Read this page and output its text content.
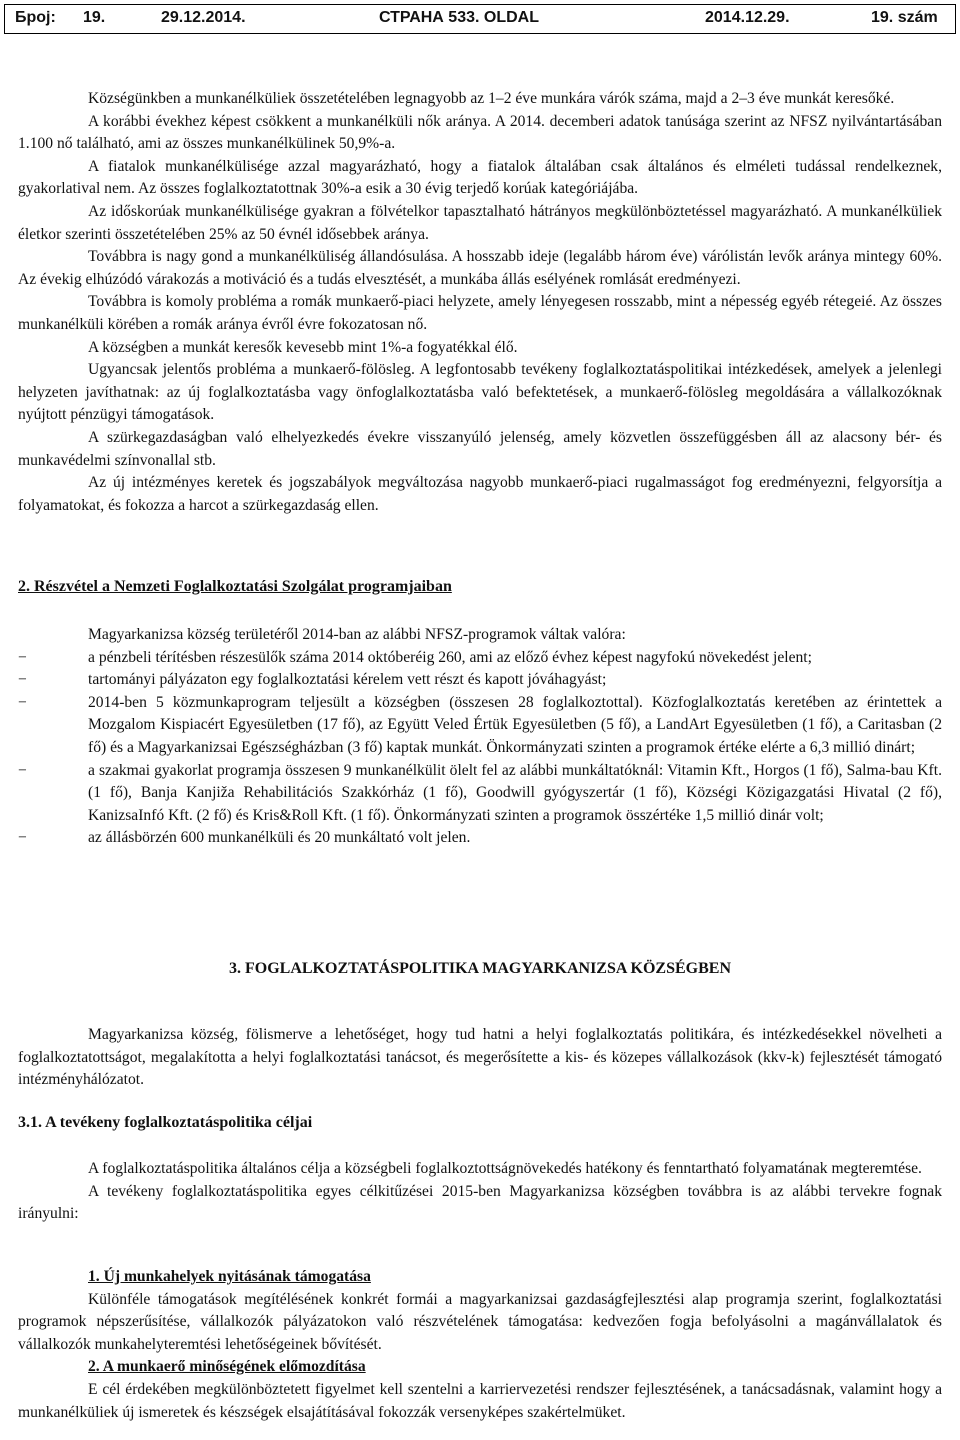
Број: 19.	29.12.2014.	СТРАНА 533. OLDAL	2014.12.29.	19. szám

Községünkben a munkanélküliek összetételében legnagyobb az 1–2 éve munkára várók száma, majd a 2–3 éve munkát keresőké.

A korábbi évekhez képest csökkent a munkanélküli nők aránya. A 2014. decemberi adatok tanúsága szerint az NFSZ nyilvántartásában 1.100 nő található, ami az összes munkanélkülinek 50,9%-a.

A fiatalok munkanélkülisége azzal magyarázható, hogy a fiatalok általában csak általános és elméleti tudással rendelkeznek, gyakorlatival nem. Az összes foglalkoztatottnak 30%-a esik a 30 évig terjedő korúak kategóriájába.

Az időskorúak munkanélkülisége gyakran a fölvételkor tapasztalható hátrányos megkülönböztetéssel magyarázható. A munkanélküliek életkor szerinti összetételében 25% az 50 évnél idősebbek aránya.

Továbbra is nagy gond a munkanélküliség állandósulása. A hosszabb ideje (legalább három éve) várólistán levők aránya mintegy 60%. Az évekig elhúzódó várakozás a motiváció és a tudás elvesztését, a munkába állás esélyének romlását eredményezi.

Továbbra is komoly probléma a romák munkaerő-piaci helyzete, amely lényegesen rosszabb, mint a népesség egyéb rétegeié. Az összes munkanélküli körében a romák aránya évről évre fokozatosan nő.

A községben a munkát keresők kevesebb mint 1%-a fogyatékkal élő.

Ugyancsak jelentős probléma a munkaerő-fölösleg. A legfontosabb tevékeny foglalkoztatáspolitikai intézkedések, amelyek a jelenlegi helyzeten javíthatnak: az új foglalkoztatásba vagy önfoglalkoztatásba való befektetések, a munkaerő-fölösleg megoldására a vállalkozóknak nyújtott pénzügyi támogatások.

A szürkegazdaságban való elhelyezkedés évekre visszanyúló jelenség, amely közvetlen összefüggésben áll az alacsony bér- és munkavédelmi színvonallal stb.

Az új intézményes keretek és jogszabályok megváltozása nagyobb munkaerő-piaci rugalmasságot fog eredményezni, felgyorsítja a folyamatokat, és fokozza a harcot a szürkegazdaság ellen.

2. Részvétel a Nemzeti Foglalkoztatási Szolgálat programjaiban

Magyarkanizsa község területéről 2014-ban az alábbi NFSZ-programok váltak valóra:

−	a pénzbeli térítésben részesülők száma 2014 októberéig 260, ami az előző évhez képest nagyfokú növekedést jelent;
−	tartományi pályázaton egy foglalkoztatási kérelem vett részt és kapott jóváhagyást;
−	2014-ben 5 közmunkaprogram teljesült a községben (összesen 28 foglalkoztottal). Közfoglalkoztatás keretében az érintettek a Mozgalom Kispiacért Egyesületben (17 fő), az Együtt Veled Értük Egyesületben (5 fő), a LandArt Egyesületben (1 fő), a Caritasban (2 fő) és a Magyarkanizsai Egészségházban (3 fő) kaptak munkát. Önkormányzati szinten a programok értéke elérte a 6,3 millió dinárt;
−	a szakmai gyakorlat programja összesen 9 munkanélkülit ölelt fel az alábbi munkáltatóknál: Vitamin Kft., Horgos (1 fő), Salma-bau Kft. (1 fő), Banja Kanjiža Rehabilitációs Szakkórház (1 fő), Goodwill gyógyszertár (1 fő), Községi Közigazgatási Hivatal (2 fő), KanizsaInfó Kft. (2 fő) és Kris&Roll Kft. (1 fő). Önkormányzati szinten a programok összértéke 1,5 millió dinár volt;
−	az állásbörzén 600 munkanélküli és 20 munkáltató volt jelen.
3. FOGLALKOZTATÁSPOLITIKA MAGYARKANIZSA KÖZSÉGBEN

Magyarkanizsa község, fölismerve a lehetőséget, hogy tud hatni a helyi foglalkoztatás politikára, és intézkedésekkel növelheti a foglalkoztatottságot, megalakította a helyi foglalkoztatási tanácsot, és megerősítette a kis- és közepes vállalkozások (kkv-k) fejlesztését támogató intézményhálózatot.

3.1. A tevékeny foglalkoztatáspolitika céljai

A foglalkoztatáspolitika általános célja a községbeli foglalkoztottságnövekedés hatékony és fenntartható folyamatának megteremtése.

A tevékeny foglalkoztatáspolitika egyes célkitűzései 2015-ben Magyarkanizsa községben továbbra is az alábbi tervekre fognak irányulni:

1. Új munkahelyek nyitásának támogatása

Különféle támogatások megítélésének konkrét formái a magyarkanizsai gazdaságfejlesztési alap programja szerint, foglalkoztatási programok népszerűsítése, vállalkozók pályázatokon való részvételének támogatása: kedvezően fogja befolyásolni a magánvállalatok és vállalkozók munkahelyteremtési lehetőségeinek bővítését.

2. A munkaerő minőségének előmozdítása

E cél érdekében megkülönböztetett figyelmet kell szentelni a karriervezetési rendszer fejlesztésének, a tanácsadásnak, valamint hogy a munkanélküliek új ismeretek és készségek elsajátításával fokozzák versenyképes szakértelmüket.
